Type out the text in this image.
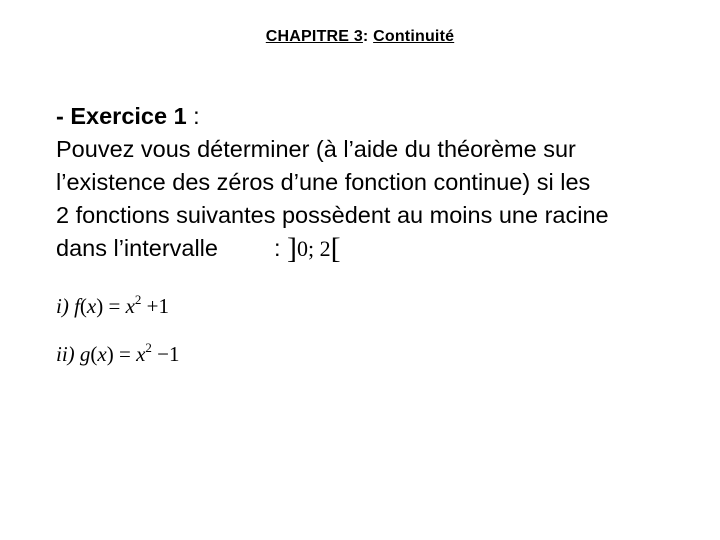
CHAPITRE 3: Continuité
- Exercice 1 :
Pouvez vous déterminer (à l’aide du théorème sur
l’existence des zéros d’une fonction continue) si les
2 fonctions suivantes possèdent au moins une racine
dans l’intervalle : ]0; 2[
i) $f(x) = x^2 +1$
ii) $g(x) = x^2 -1$
